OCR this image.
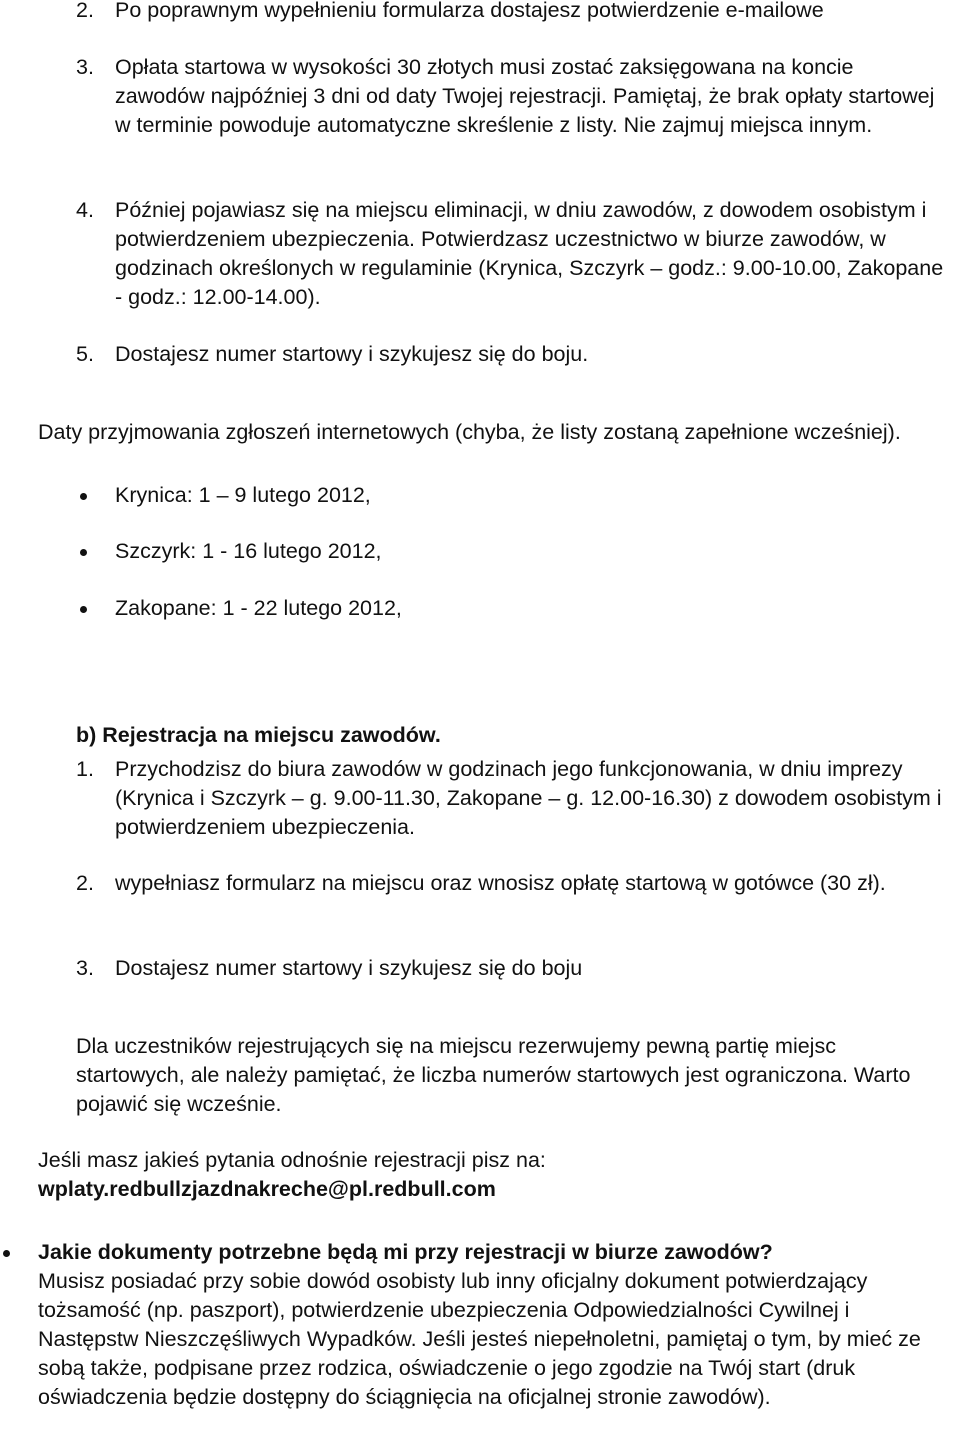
2. Po poprawnym wypełnieniu formularza dostajesz potwierdzenie e-mailowe
3. Opłata startowa w wysokości 30 złotych musi zostać zaksięgowana na koncie zawodów najpóźniej 3 dni od daty Twojej rejestracji. Pamiętaj, że brak opłaty startowej w terminie powoduje automatyczne skreślenie z listy. Nie zajmuj miejsca innym.
4. Później pojawiasz się na miejscu eliminacji, w dniu zawodów, z dowodem osobistym i potwierdzeniem ubezpieczenia. Potwierdzasz uczestnictwo w biurze zawodów, w godzinach określonych w regulaminie (Krynica, Szczyrk – godz.: 9.00-10.00, Zakopane - godz.: 12.00-14.00).
5. Dostajesz numer startowy i szykujesz się do boju.

Daty przyjmowania zgłoszeń internetowych (chyba, że listy zostaną zapełnione wcześniej).

Krynica: 1 – 9 lutego 2012,
Szczyrk: 1 - 16 lutego 2012,
Zakopane: 1 - 22 lutego 2012,

b) Rejestracja na miejscu zawodów.

1. Przychodzisz do biura zawodów w godzinach jego funkcjonowania, w dniu imprezy (Krynica i Szczyrk – g. 9.00-11.30, Zakopane – g. 12.00-16.30) z dowodem osobistym i potwierdzeniem ubezpieczenia.
2. wypełniasz formularz na miejscu oraz wnosisz opłatę startową w gotówce (30 zł).
3. Dostajesz numer startowy i szykujesz się do boju

Dla uczestników rejestrujących się na miejscu rezerwujemy pewną partię miejsc startowych, ale należy pamiętać, że liczba numerów startowych jest ograniczona. Warto pojawić się wcześnie.

Jeśli masz jakieś pytania odnośnie rejestracji pisz na:

wplaty.redbullzjazdnakreche@pl.redbull.com

Jakie dokumenty potrzebne będą mi przy rejestracji w biurze zawodów?
Musisz posiadać przy sobie dowód osobisty lub inny oficjalny dokument potwierdzający tożsamość (np. paszport), potwierdzenie ubezpieczenia Odpowiedzialności Cywilnej i Następstw Nieszczęśliwych Wypadków. Jeśli jesteś niepełnoletni, pamiętaj o tym, by mieć ze sobą także, podpisane przez rodzica, oświadczenie o jego zgodzie na Twój start (druk oświadczenia będzie dostępny do ściągnięcia na oficjalnej stronie zawodów).
